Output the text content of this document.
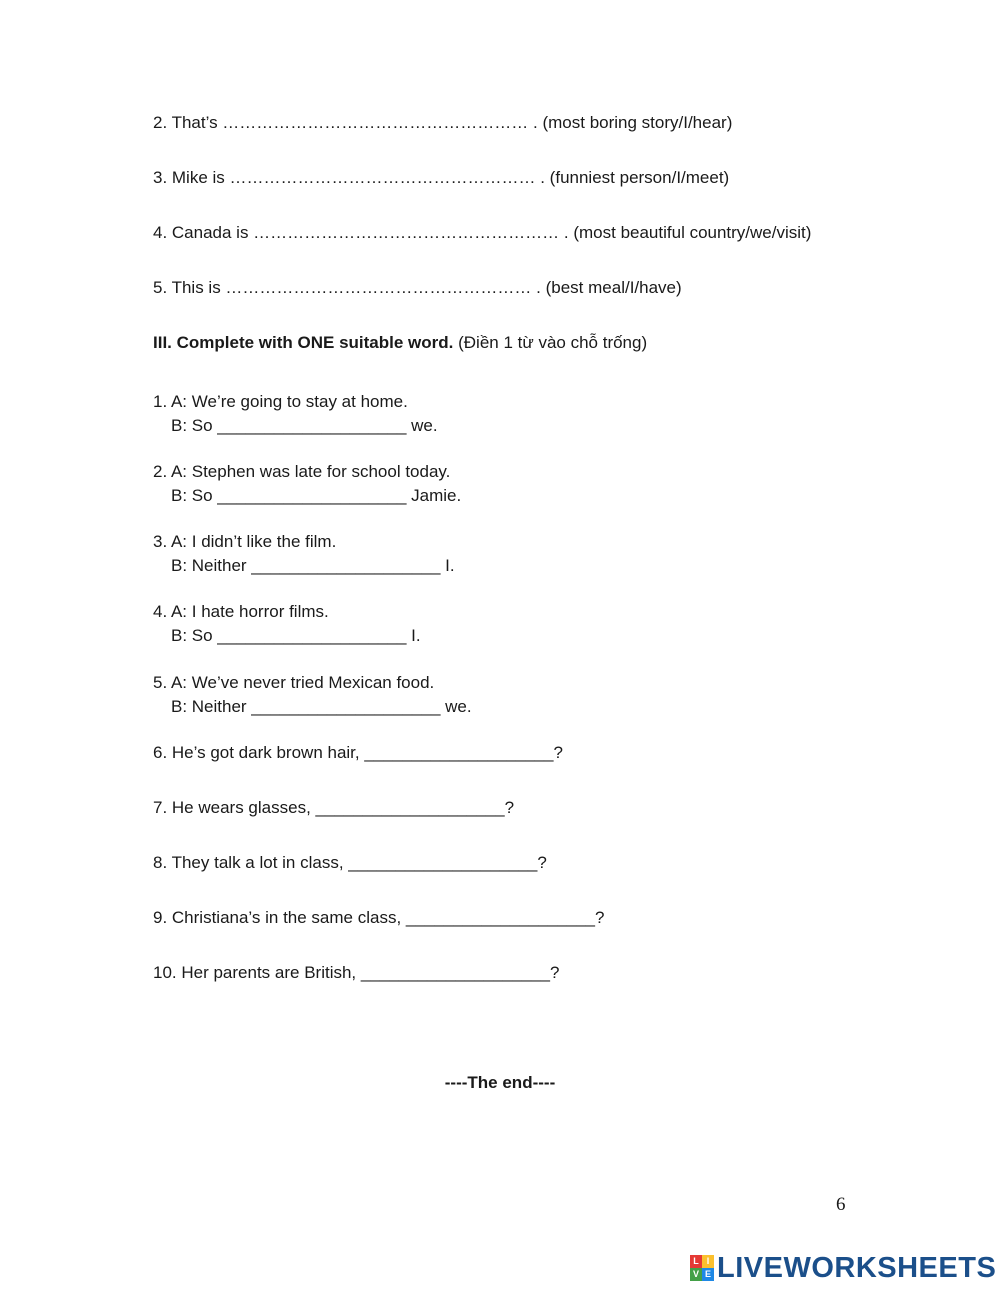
2. That’s ……………………………………………… . (most boring story/I/hear)
3. Mike is ……………………………………………… . (funniest person/I/meet)
4. Canada is ……………………………………………… . (most beautiful country/we/visit)
5. This is ……………………………………………… . (best meal/I/have)
III. Complete with ONE suitable word. (Điền 1 từ vào chỗ trống)
1. A: We’re going to stay at home.
B: So ____________________ we.
2. A: Stephen was late for school today.
B: So ____________________ Jamie.
3. A: I didn’t like the film.
B: Neither ____________________ I.
4. A: I hate horror films.
B: So ____________________ I.
5. A: We’ve never tried Mexican food.
B: Neither ____________________ we.
6. He’s got dark brown hair, ____________________?
7. He wears glasses, ____________________?
8. They talk a lot in class, ____________________?
9. Christiana’s in the same class, ____________________?
10. Her parents are British, ____________________?
----The end----
6
L I
V E LIVEWORKSHEETS
